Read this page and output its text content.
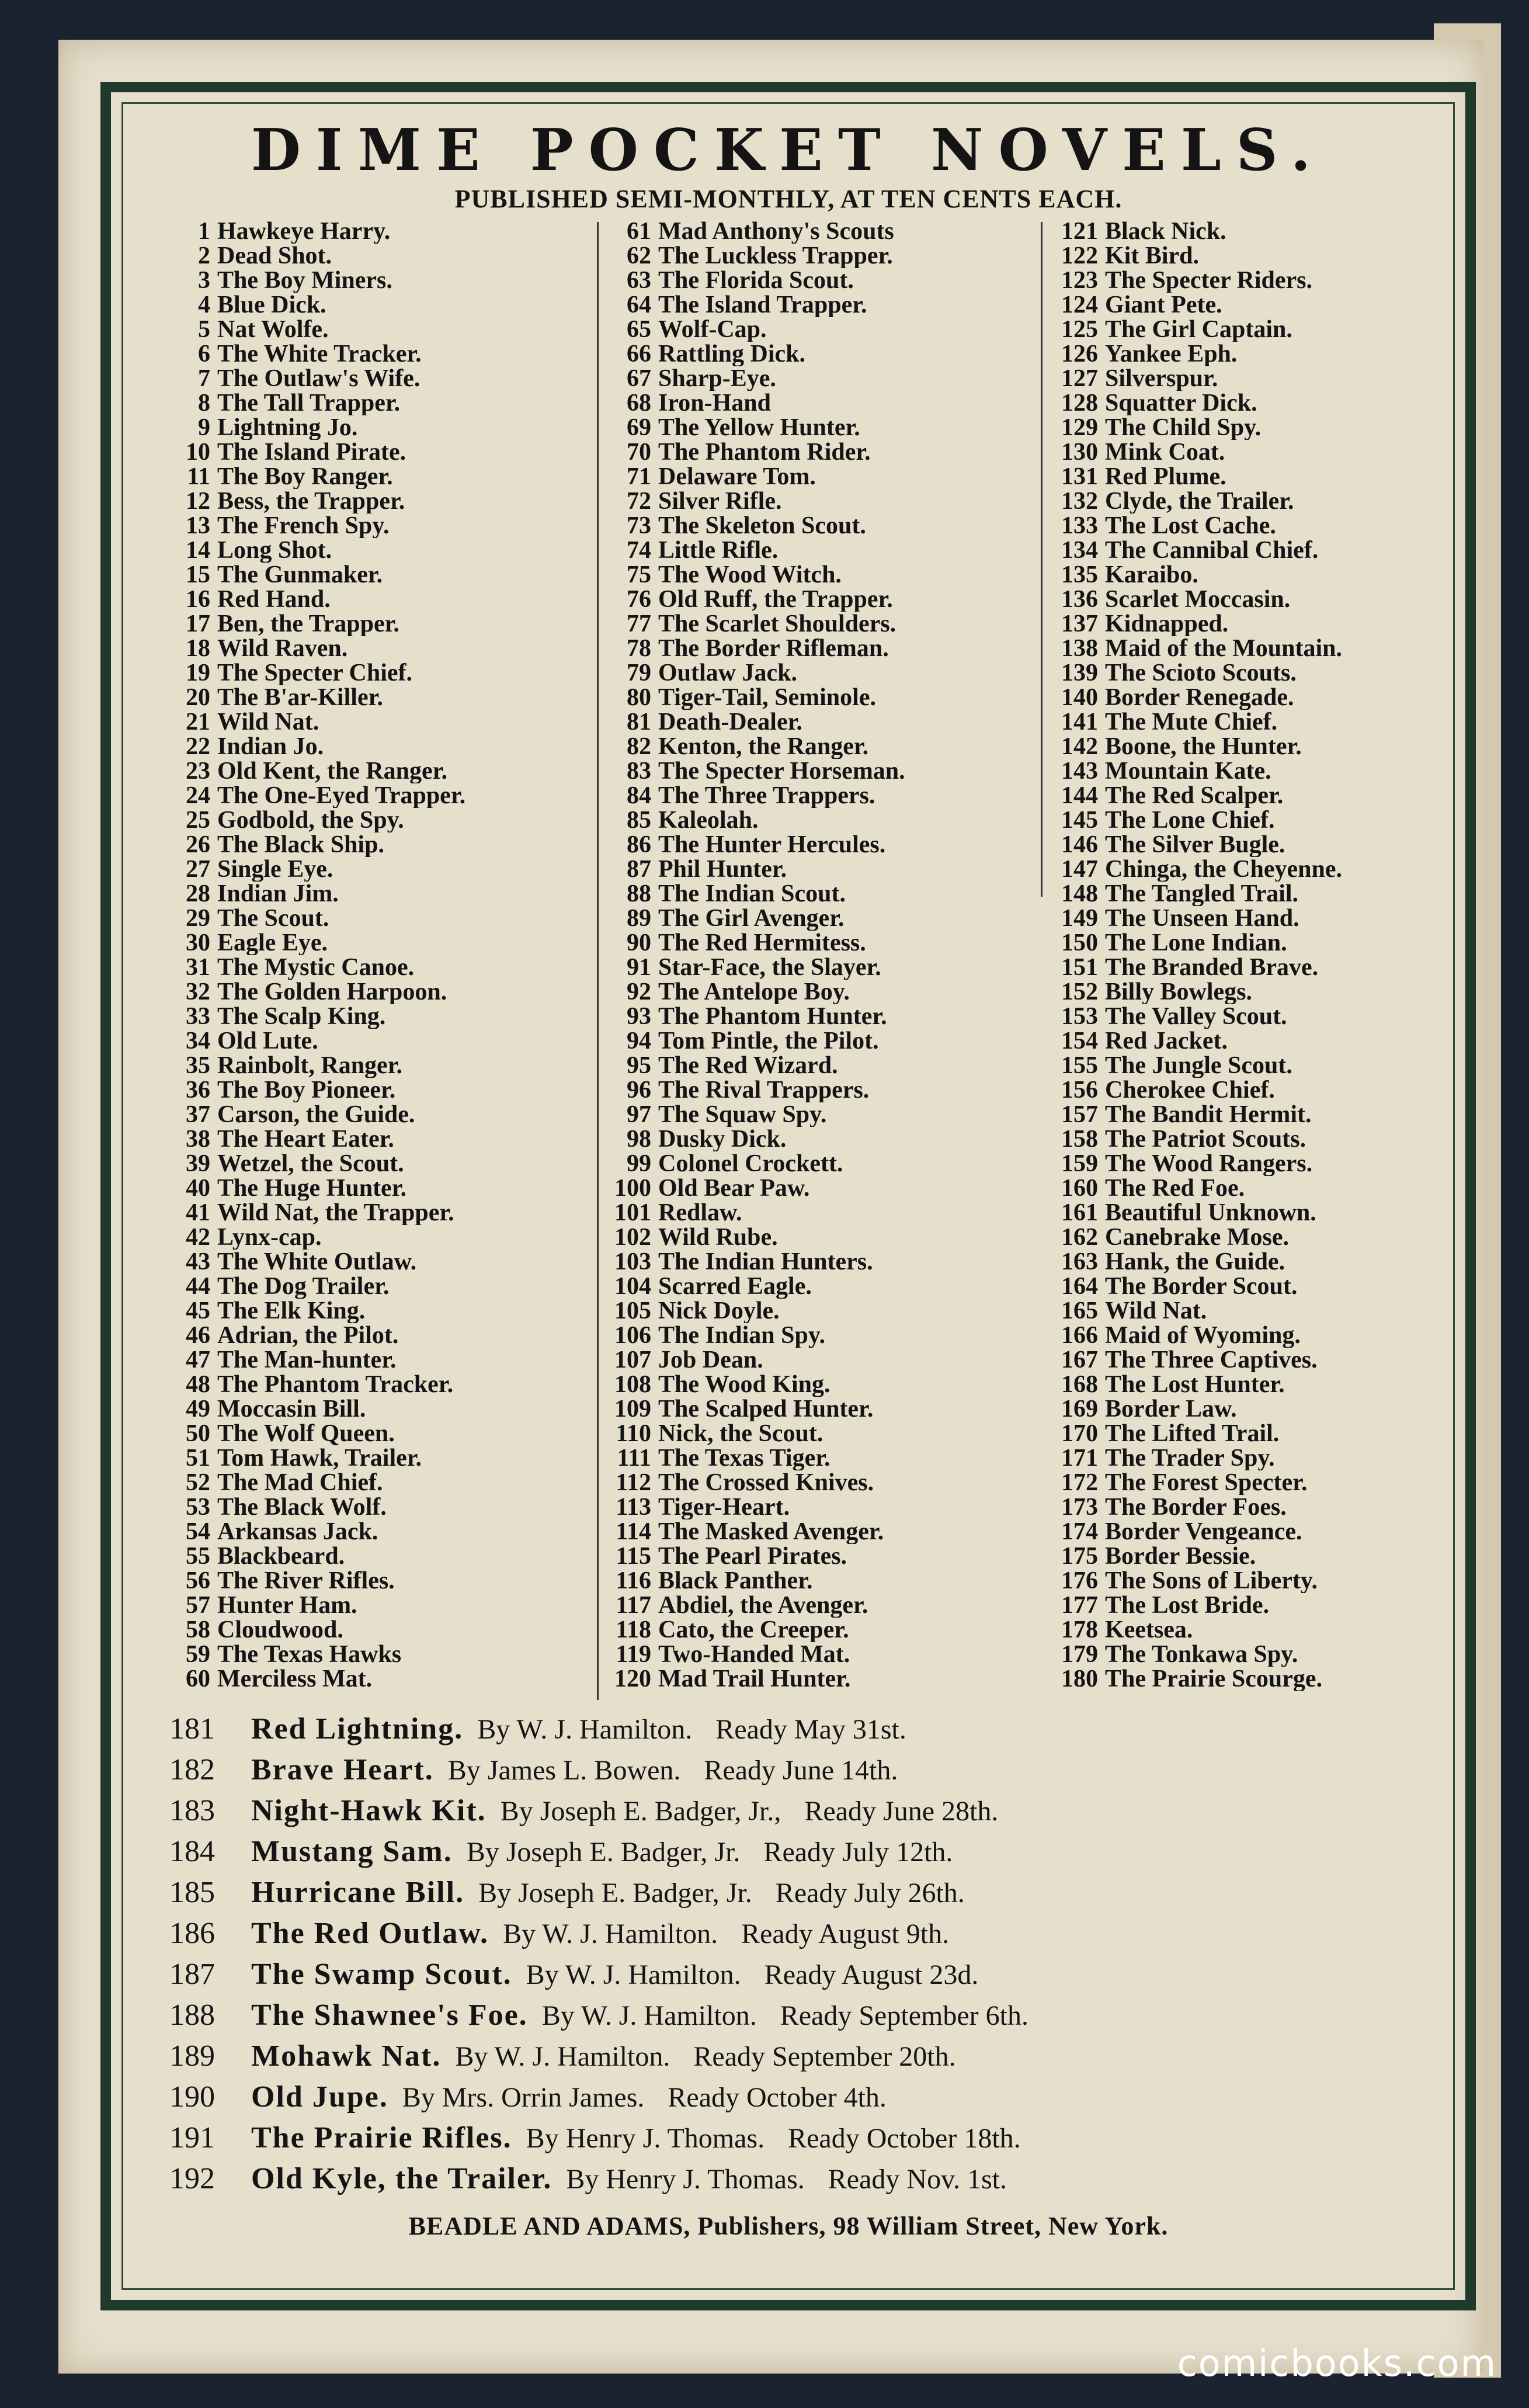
DIME POCKET NOVELS.
PUBLISHED SEMI-MONTHLY, AT TEN CENTS EACH.
1 Hawkeye Harry.
2 Dead Shot.
3 The Boy Miners.
4 Blue Dick.
5 Nat Wolfe.
6 The White Tracker.
7 The Outlaw's Wife.
8 The Tall Trapper.
9 Lightning Jo.
10 The Island Pirate.
11 The Boy Ranger.
12 Bess, the Trapper.
13 The French Spy.
14 Long Shot.
15 The Gunmaker.
16 Red Hand.
17 Ben, the Trapper.
18 Wild Raven.
19 The Specter Chief.
20 The B'ar-Killer.
21 Wild Nat.
22 Indian Jo.
23 Old Kent, the Ranger.
24 The One-Eyed Trapper.
25 Godbold, the Spy.
26 The Black Ship.
27 Single Eye.
28 Indian Jim.
29 The Scout.
30 Eagle Eye.
31 The Mystic Canoe.
32 The Golden Harpoon.
33 The Scalp King.
34 Old Lute.
35 Rainbolt, Ranger.
36 The Boy Pioneer.
37 Carson, the Guide.
38 The Heart Eater.
39 Wetzel, the Scout.
40 The Huge Hunter.
41 Wild Nat, the Trapper.
42 Lynx-cap.
43 The White Outlaw.
44 The Dog Trailer.
45 The Elk King.
46 Adrian, the Pilot.
47 The Man-hunter.
48 The Phantom Tracker.
49 Moccasin Bill.
50 The Wolf Queen.
51 Tom Hawk, Trailer.
52 The Mad Chief.
53 The Black Wolf.
54 Arkansas Jack.
55 Blackbeard.
56 The River Rifles.
57 Hunter Ham.
58 Cloudwood.
59 The Texas Hawks
60 Merciless Mat.
61 Mad Anthony's Scouts
62 The Luckless Trapper.
63 The Florida Scout.
64 The Island Trapper.
65 Wolf-Cap.
66 Rattling Dick.
67 Sharp-Eye.
68 Iron-Hand
69 The Yellow Hunter.
70 The Phantom Rider.
71 Delaware Tom.
72 Silver Rifle.
73 The Skeleton Scout.
74 Little Rifle.
75 The Wood Witch.
76 Old Ruff, the Trapper.
77 The Scarlet Shoulders.
78 The Border Rifleman.
79 Outlaw Jack.
80 Tiger-Tail, Seminole.
81 Death-Dealer.
82 Kenton, the Ranger.
83 The Specter Horseman.
84 The Three Trappers.
85 Kaleolah.
86 The Hunter Hercules.
87 Phil Hunter.
88 The Indian Scout.
89 The Girl Avenger.
90 The Red Hermitess.
91 Star-Face, the Slayer.
92 The Antelope Boy.
93 The Phantom Hunter.
94 Tom Pintle, the Pilot.
95 The Red Wizard.
96 The Rival Trappers.
97 The Squaw Spy.
98 Dusky Dick.
99 Colonel Crockett.
100 Old Bear Paw.
101 Redlaw.
102 Wild Rube.
103 The Indian Hunters.
104 Scarred Eagle.
105 Nick Doyle.
106 The Indian Spy.
107 Job Dean.
108 The Wood King.
109 The Scalped Hunter.
110 Nick, the Scout.
111 The Texas Tiger.
112 The Crossed Knives.
113 Tiger-Heart.
114 The Masked Avenger.
115 The Pearl Pirates.
116 Black Panther.
117 Abdiel, the Avenger.
118 Cato, the Creeper.
119 Two-Handed Mat.
120 Mad Trail Hunter.
121 Black Nick.
122 Kit Bird.
123 The Specter Riders.
124 Giant Pete.
125 The Girl Captain.
126 Yankee Eph.
127 Silverspur.
128 Squatter Dick.
129 The Child Spy.
130 Mink Coat.
131 Red Plume.
132 Clyde, the Trailer.
133 The Lost Cache.
134 The Cannibal Chief.
135 Karaibo.
136 Scarlet Moccasin.
137 Kidnapped.
138 Maid of the Mountain.
139 The Scioto Scouts.
140 Border Renegade.
141 The Mute Chief.
142 Boone, the Hunter.
143 Mountain Kate.
144 The Red Scalper.
145 The Lone Chief.
146 The Silver Bugle.
147 Chinga, the Cheyenne.
148 The Tangled Trail.
149 The Unseen Hand.
150 The Lone Indian.
151 The Branded Brave.
152 Billy Bowlegs.
153 The Valley Scout.
154 Red Jacket.
155 The Jungle Scout.
156 Cherokee Chief.
157 The Bandit Hermit.
158 The Patriot Scouts.
159 The Wood Rangers.
160 The Red Foe.
161 Beautiful Unknown.
162 Canebrake Mose.
163 Hank, the Guide.
164 The Border Scout.
165 Wild Nat.
166 Maid of Wyoming.
167 The Three Captives.
168 The Lost Hunter.
169 Border Law.
170 The Lifted Trail.
171 The Trader Spy.
172 The Forest Specter.
173 The Border Foes.
174 Border Vengeance.
175 Border Bessie.
176 The Sons of Liberty.
177 The Lost Bride.
178 Keetsea.
179 The Tonkawa Spy.
180 The Prairie Scourge.
181 Red Lightning. By W. J. Hamilton. Ready May 31st.
182 Brave Heart. By James L. Bowen. Ready June 14th.
183 Night-Hawk Kit. By Joseph E. Badger, Jr., Ready June 28th.
184 Mustang Sam. By Joseph E. Badger, Jr. Ready July 12th.
185 Hurricane Bill. By Joseph E. Badger, Jr. Ready July 26th.
186 The Red Outlaw. By W. J. Hamilton. Ready August 9th.
187 The Swamp Scout. By W. J. Hamilton. Ready August 23d.
188 The Shawnee's Foe. By W. J. Hamilton. Ready September 6th.
189 Mohawk Nat. By W. J. Hamilton. Ready September 20th.
190 Old Jupe. By Mrs. Orrin James. Ready October 4th.
191 The Prairie Rifles. By Henry J. Thomas. Ready October 18th.
192 Old Kyle, the Trailer. By Henry J. Thomas. Ready Nov. 1st.
BEADLE AND ADAMS, Publishers, 98 William Street, New York.
comicbooks.com
